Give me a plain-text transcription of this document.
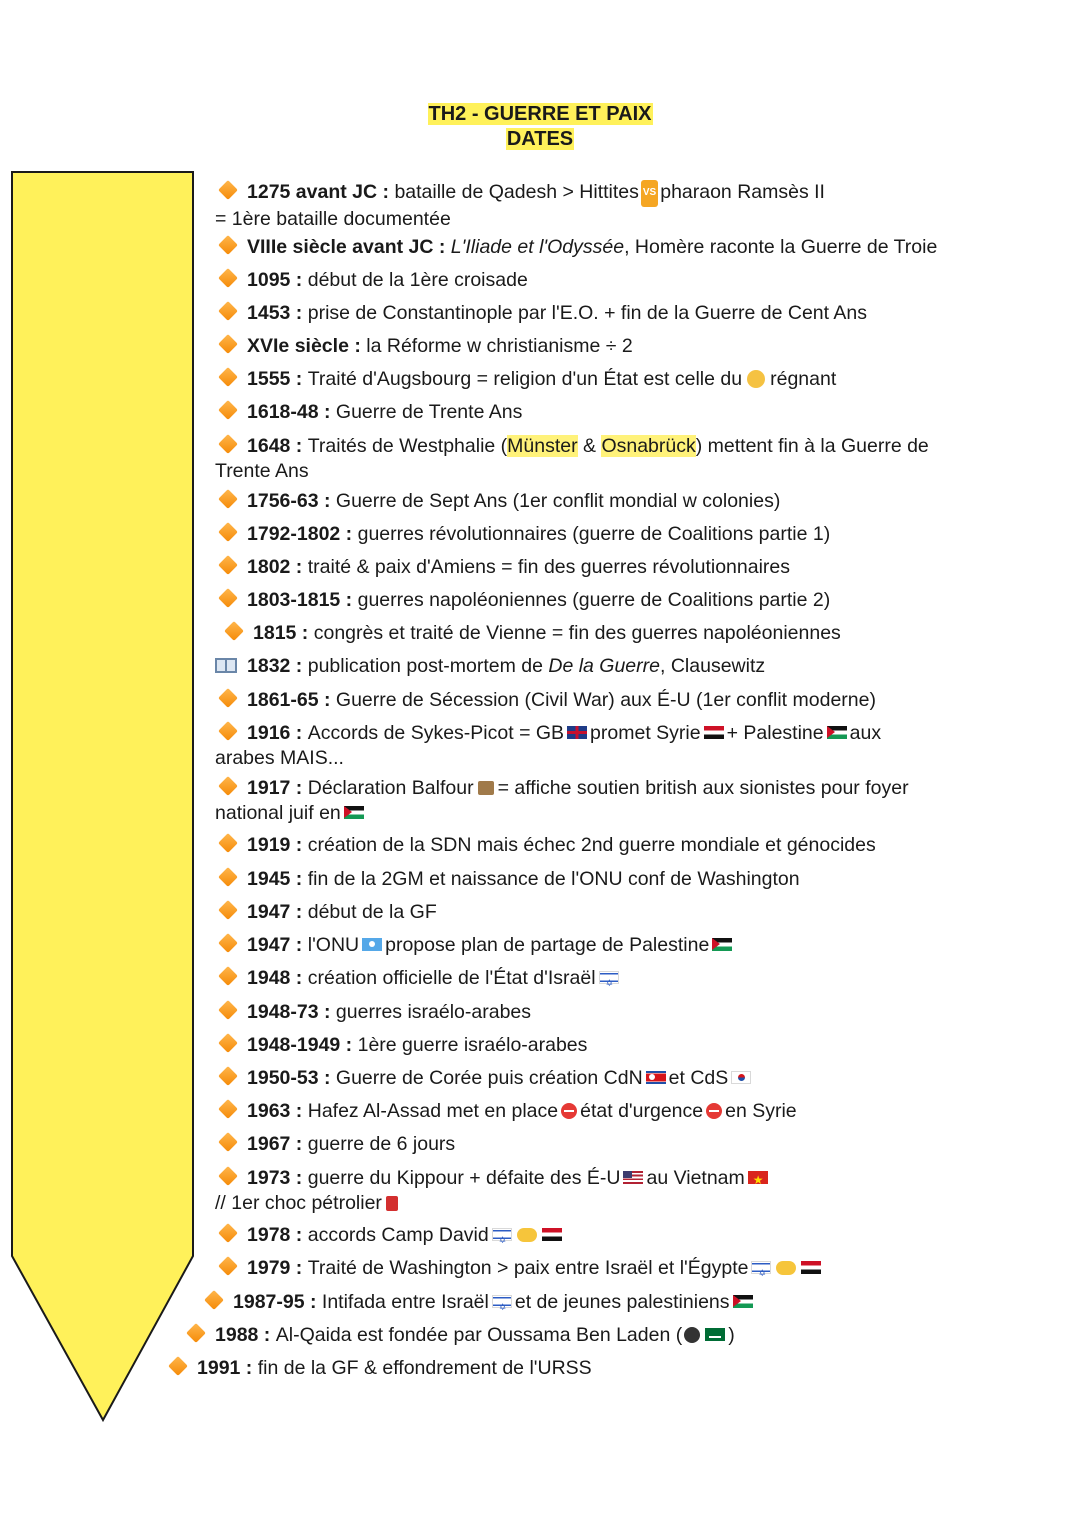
TH2 - GUERRE ET PAIX
DATES
1275 avant JC : bataille de Qadesh > Hittites VS pharaon Ramsès II
= 1ère bataille documentée
VIIIe siècle avant JC : L'Iliade et l'Odyssée, Homère raconte la Guerre de Troie
1095 : début de la 1ère croisade
1453 : prise de Constantinople par l'E.O. + fin de la Guerre de Cent Ans
XVIe siècle : la Réforme w christianisme ÷ 2
1555 : Traité d'Augsbourg = religion d'un État est celle du régnant
1618-48 : Guerre de Trente Ans
1648 : Traités de Westphalie (Münster & Osnabrück) mettent fin à la Guerre de
Trente Ans
1756-63 : Guerre de Sept Ans (1er conflit mondial w colonies)
1792-1802 : guerres révolutionnaires (guerre de Coalitions partie 1)
1802 : traité & paix d'Amiens = fin des guerres révolutionnaires
1803-1815 : guerres napoléoniennes (guerre de Coalitions partie 2)
1815 : congrès et traité de Vienne = fin des guerres napoléoniennes
1832 : publication post-mortem de De la Guerre, Clausewitz
1861-65 : Guerre de Sécession (Civil War) aux É-U (1er conflit moderne)
1916 : Accords de Sykes-Picot = GB promet Syrie + Palestine aux
arabes MAIS...
1917 : Déclaration Balfour = affiche soutien british aux sionistes pour foyer
national juif en
1919 : création de la SDN mais échec 2nd guerre mondiale et génocides
1945 : fin de la 2GM et naissance de l'ONU conf de Washington
1947 : début de la GF
1947 : l'ONU propose plan de partage de Palestine
1948 : création officielle de l'État d'Israël✡
1948-73 : guerres israélo-arabes
1948-1949 : 1ère guerre israélo-arabes
1950-53 : Guerre de Corée puis création CdN et CdS
1963 : Hafez Al-Assad met en place état d'urgence en Syrie
1967 : guerre de 6 jours
1973 : guerre du Kippour + défaite des É-U au Vietnam★
// 1er choc pétrolier
1978 : accords Camp David✡
1979 : Traité de Washington > paix entre Israël et l'Égypte✡
1987-95 : Intifada entre Israël✡ et de jeunes palestiniens
1988 : Al-Qaida est fondée par Oussama Ben Laden ( )
1991 : fin de la GF & effondrement de l'URSS
